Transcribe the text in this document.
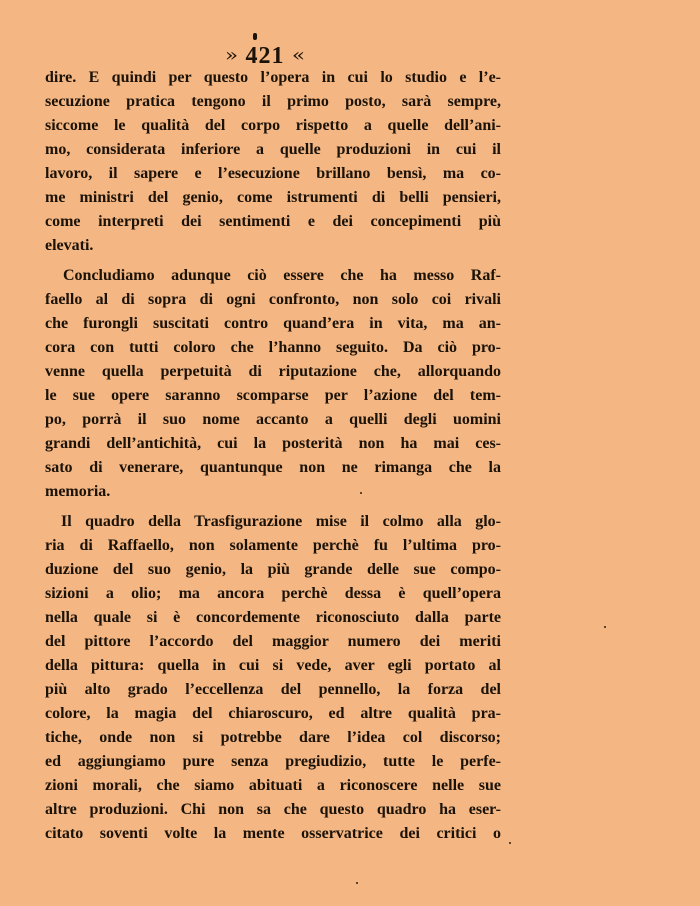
» 421 «
dire. E quindi per questo l’opera in cui lo studio e l’e-
secuzione pratica tengono il primo posto, sarà sempre,
siccome le qualità del corpo rispetto a quelle dell’ani-
mo, considerata inferiore a quelle produzioni in cui il
lavoro, il sapere e l’esecuzione brillano bensì, ma co-
me ministri del genio, come istrumenti di belli pensieri,
come interpreti dei sentimenti e dei concepimenti più
elevati.
Concludiamo adunque ciò essere che ha messo Raf-
faello al di sopra di ogni confronto, non solo coi rivali
che furongli suscitati contro quand’era in vita, ma an-
cora con tutti coloro che l’hanno seguito. Da ciò pro-
venne quella perpetuità di riputazione che, allorquando
le sue opere saranno scomparse per l’azione del tem-
po, porrà il suo nome accanto a quelli degli uomini
grandi dell’antichità, cui la posterità non ha mai ces-
sato di venerare, quantunque non ne rimanga che la
memoria.
Il quadro della Trasfigurazione mise il colmo alla glo-
ria di Raffaello, non solamente perchè fu l’ultima pro-
duzione del suo genio, la più grande delle sue compo-
sizioni a olio; ma ancora perchè dessa è quell’opera
nella quale si è concordemente riconosciuto dalla parte
del pittore l’accordo del maggior numero dei meriti
della pittura: quella in cui si vede, aver egli portato al
più alto grado l’eccellenza del pennello, la forza del
colore, la magia del chiaroscuro, ed altre qualità pra-
tiche, onde non si potrebbe dare l’idea col discorso;
ed aggiungiamo pure senza pregiudizio, tutte le perfe-
zioni morali, che siamo abituati a riconoscere nelle sue
altre produzioni. Chi non sa che questo quadro ha eser-
citato soventi volte la mente osservatrice dei critici o
